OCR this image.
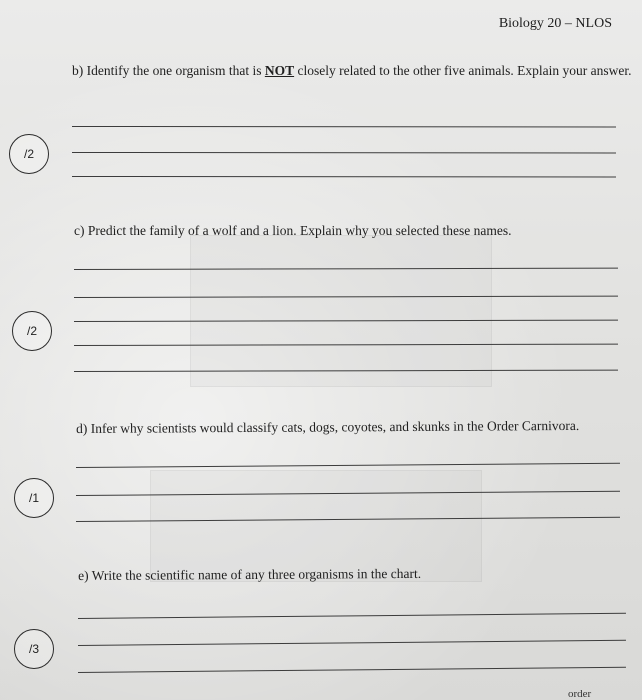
Biology 20 – NLOS
b) Identify the one organism that is NOT closely related to the other five animals. Explain your answer.
/2
c) Predict the family of a wolf and a lion. Explain why you selected these names.
/2
d) Infer why scientists would classify cats, dogs, coyotes, and skunks in the Order Carnivora.
/1
e) Write the scientific name of any three organisms in the chart.
/3
order
